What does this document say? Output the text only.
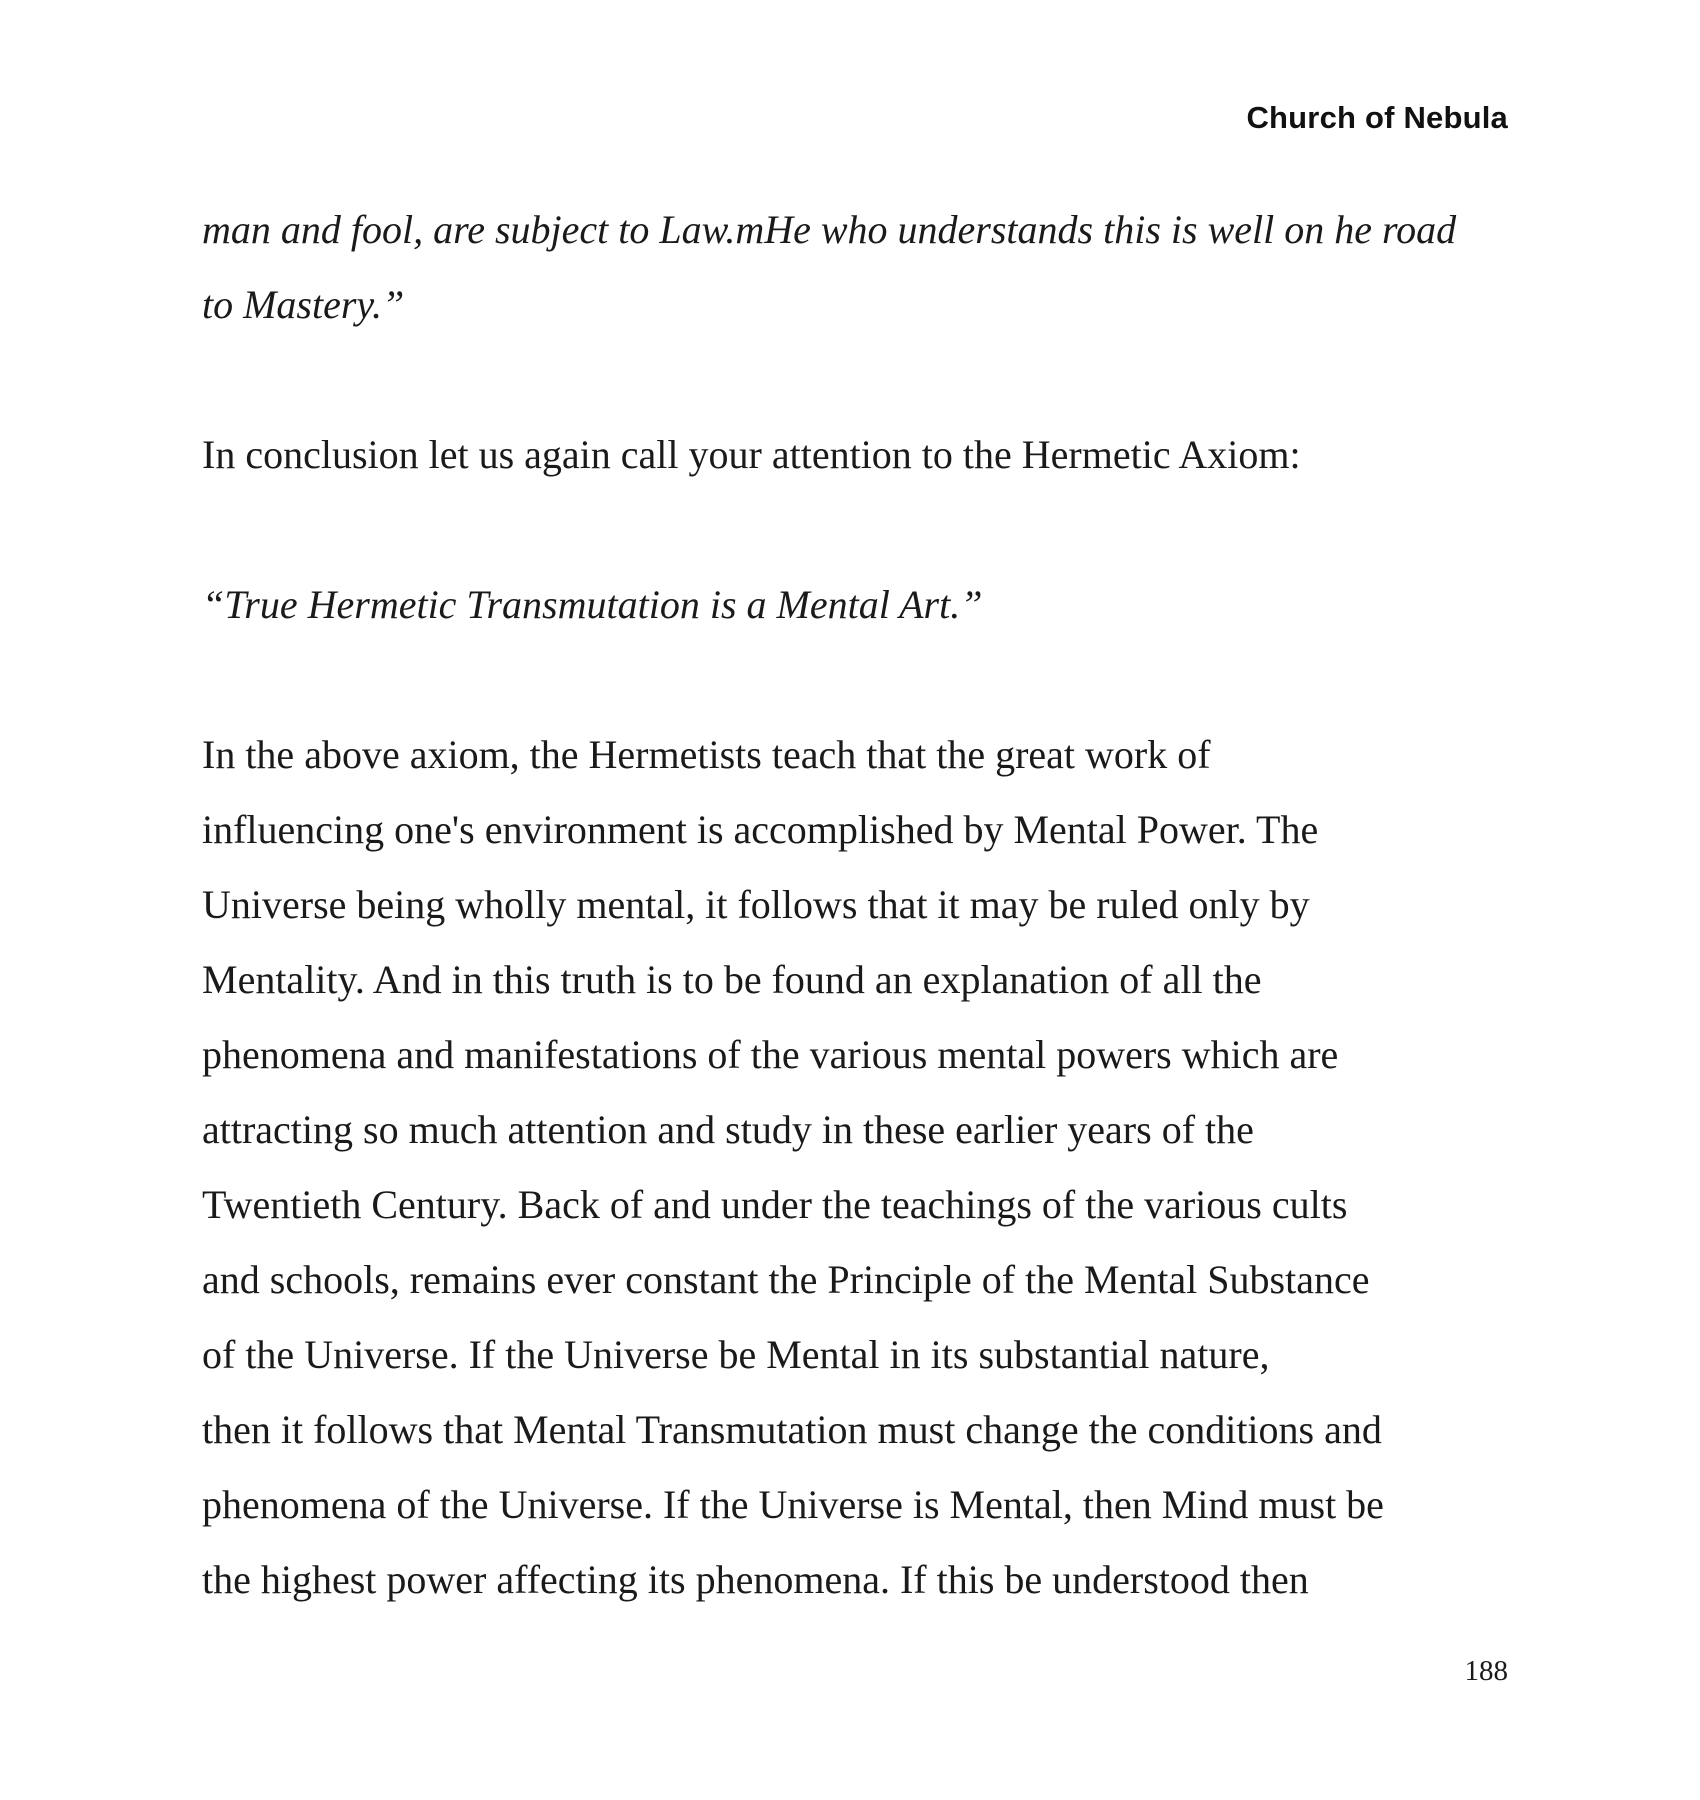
Church of Nebula

man and fool, are subject to Law.mHe who understands this is well on he road
to Mastery.”

In conclusion let us again call your attention to the Hermetic Axiom:

“True Hermetic Transmutation is a Mental Art.”

In the above axiom, the Hermetists teach that the great work of
influencing one's environment is accomplished by Mental Power. The
Universe being wholly mental, it follows that it may be ruled only by
Mentality. And in this truth is to be found an explanation of all the
phenomena and manifestations of the various mental powers which are
attracting so much attention and study in these earlier years of the
Twentieth Century. Back of and under the teachings of the various cults
and schools, remains ever constant the Principle of the Mental Substance
of the Universe. If the Universe be Mental in its substantial nature,
then it follows that Mental Transmutation must change the conditions and
phenomena of the Universe. If the Universe is Mental, then Mind must be
the highest power affecting its phenomena. If this be understood then

188
